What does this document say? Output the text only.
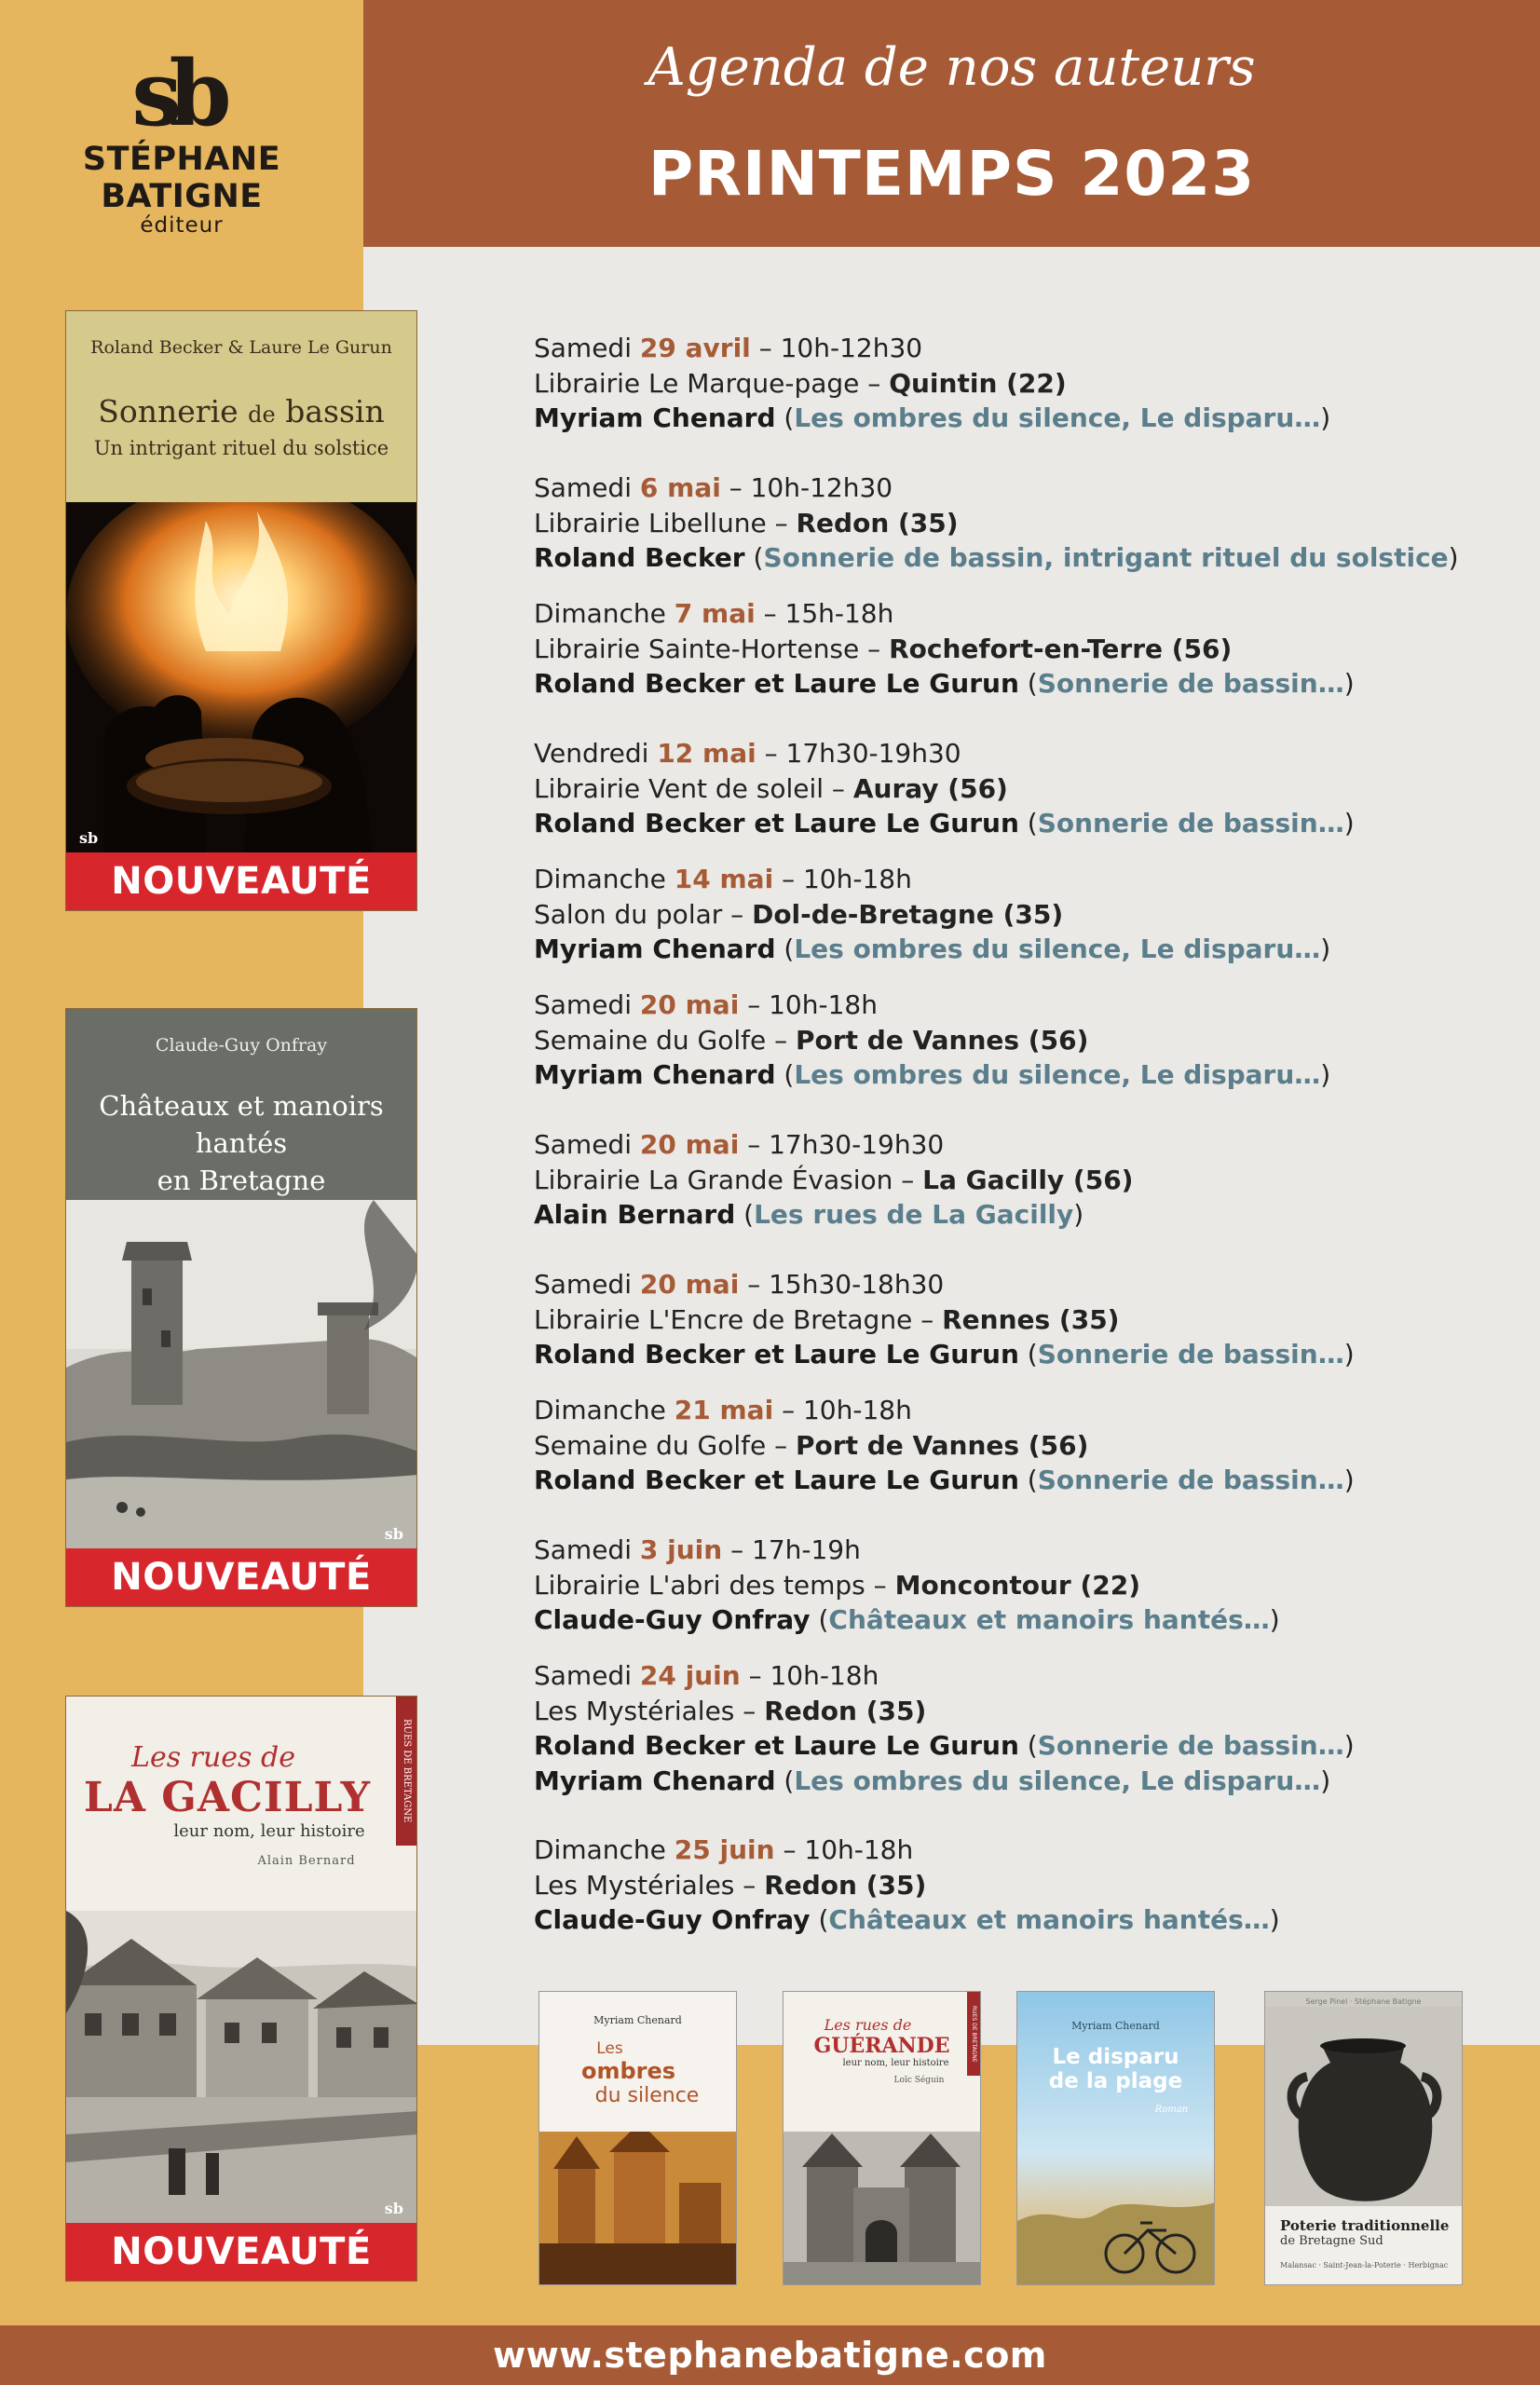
Agenda de nos auteurs
PRINTEMPS 2023
sb
STÉPHANE BATIGNE
éditeur
Roland Becker & Laure Le Gurun
Sonnerie de bassin
Un intrigant rituel du solstice
sb
NOUVEAUTÉ
Claude-Guy Onfray
Châteaux et manoirs hantés
en Bretagne
sb
NOUVEAUTÉ
Les rues de
LA GACILLY
leur nom, leur histoire
Alain Bernard
RUES DE BRETAGNE
sb
NOUVEAUTÉ
Samedi 29 avril – 10h-12h30
Librairie Le Marque-page – Quintin (22)
Myriam Chenard (Les ombres du silence, Le disparu…)
Samedi 6 mai – 10h-12h30
Librairie Libellune – Redon (35)
Roland Becker (Sonnerie de bassin, intrigant rituel du solstice)
Dimanche 7 mai – 15h-18h
Librairie Sainte-Hortense – Rochefort-en-Terre (56)
Roland Becker et Laure Le Gurun (Sonnerie de bassin…)
Vendredi 12 mai – 17h30-19h30
Librairie Vent de soleil – Auray (56)
Roland Becker et Laure Le Gurun (Sonnerie de bassin…)
Dimanche 14 mai – 10h-18h
Salon du polar – Dol-de-Bretagne (35)
Myriam Chenard (Les ombres du silence, Le disparu…)
Samedi 20 mai – 10h-18h
Semaine du Golfe – Port de Vannes (56)
Myriam Chenard (Les ombres du silence, Le disparu…)
Samedi 20 mai – 17h30-19h30
Librairie La Grande Évasion – La Gacilly (56)
Alain Bernard (Les rues de La Gacilly)
Samedi 20 mai – 15h30-18h30
Librairie L'Encre de Bretagne – Rennes (35)
Roland Becker et Laure Le Gurun (Sonnerie de bassin…)
Dimanche 21 mai – 10h-18h
Semaine du Golfe – Port de Vannes (56)
Roland Becker et Laure Le Gurun (Sonnerie de bassin…)
Samedi 3 juin – 17h-19h
Librairie L'abri des temps – Moncontour (22)
Claude-Guy Onfray (Châteaux et manoirs hantés…)
Samedi 24 juin – 10h-18h
Les Mystériales – Redon (35)
Roland Becker et Laure Le Gurun (Sonnerie de bassin…)
Myriam Chenard (Les ombres du silence, Le disparu…)
Dimanche 25 juin – 10h-18h
Les Mystériales – Redon (35)
Claude-Guy Onfray (Châteaux et manoirs hantés…)
Myriam Chenard
Les
ombres
du silence
Les rues de
GUÉRANDE
leur nom, leur histoire
Loïc Séguin
RUES DE BRETAGNE	Myriam Chenard
Le disparu
de la plage
Roman
Serge Pinel · Stéphane Batigne
Poterie traditionnelle
de Bretagne Sud
Malansac · Saint-Jean-la-Poterie · Herbignac
www.stephanebatigne.com
